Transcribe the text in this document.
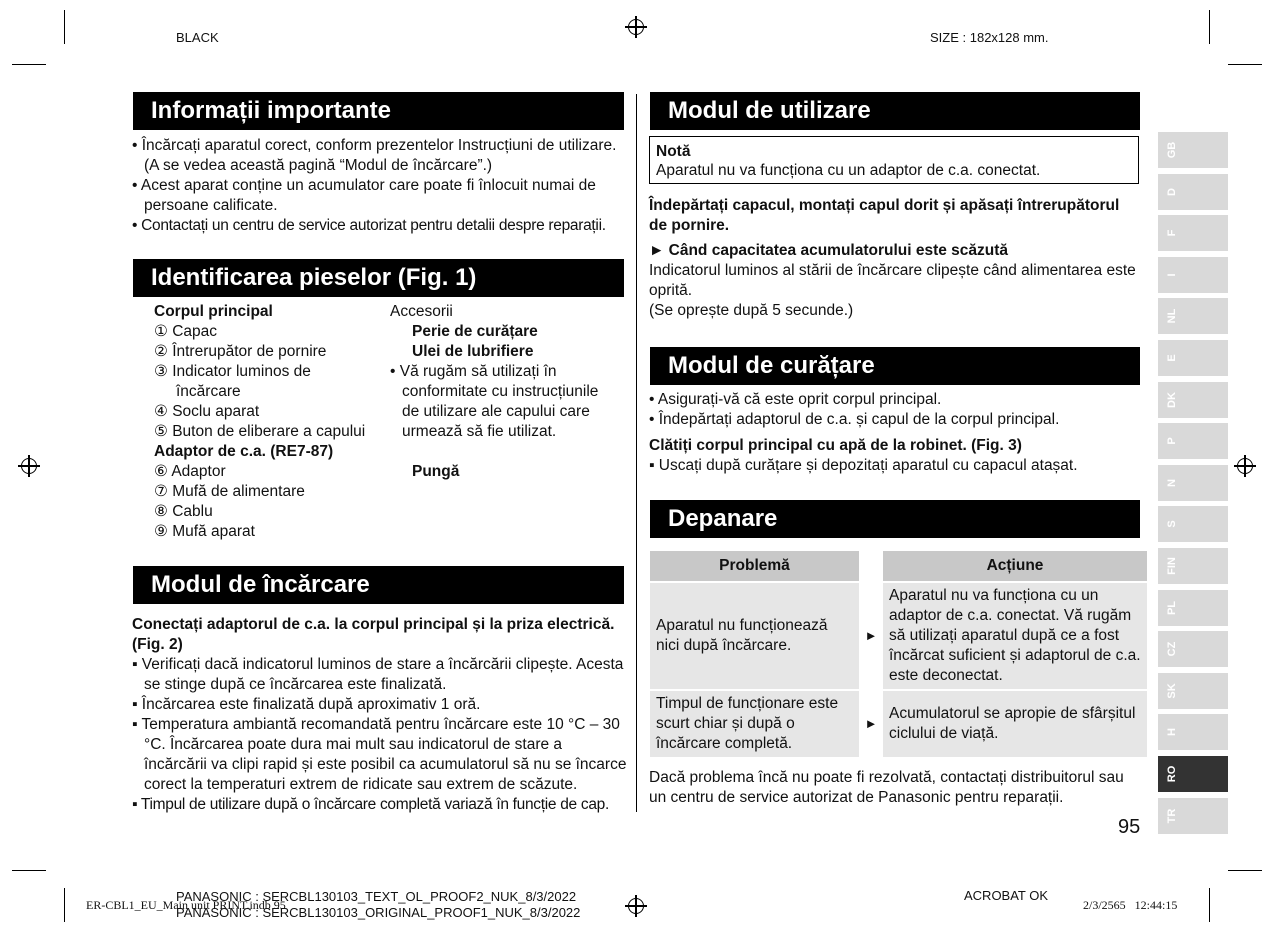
BLACK	SIZE : 182x128 mm.
Informații importante
• Încărcați aparatul corect, conform prezentelor Instrucțiuni de utilizare. (A se vedea această pagină “Modul de încărcare”.)
• Acest aparat conține un acumulator care poate fi înlocuit numai de persoane calificate.
• Contactați un centru de service autorizat pentru detalii despre reparații.
Identificarea pieselor (Fig. 1)
Corpul principal
① Capac
② Întrerupător de pornire
③ Indicator luminos de
încărcare
④ Soclu aparat
⑤ Buton de eliberare a capului
Adaptor de c.a. (RE7-87)
⑥ Adaptor
⑦ Mufă de alimentare
⑧ Cablu
⑨ Mufă aparat
Accesorii
Perie de curățare
Ulei de lubrifiere
• Vă rugăm să utilizați în conformitate cu instrucțiunile de utilizare ale capului care urmează să fie utilizat.
Pungă
Modul de încărcare
Conectați adaptorul de c.a. la corpul principal și la priza electrică. (Fig. 2)
▪ Verificați dacă indicatorul luminos de stare a încărcării clipește. Acesta se stinge după ce încărcarea este finalizată.
▪ Încărcarea este finalizată după aproximativ 1 oră.
▪ Temperatura ambiantă recomandată pentru încărcare este 10 °C – 30 °C. Încărcarea poate dura mai mult sau indicatorul de stare a încărcării va clipi rapid și este posibil ca acumulatorul să nu se încarce corect la temperaturi extrem de ridicate sau extrem de scăzute.
▪ Timpul de utilizare după o încărcare completă variază în funcție de cap.
Modul de utilizare
Notă
Aparatul nu va funcționa cu un adaptor de c.a. conectat.
Îndepărtați capacul, montați capul dorit și apăsați întrerupătorul de pornire.
► Când capacitatea acumulatorului este scăzută
Indicatorul luminos al stării de încărcare clipește când alimentarea este oprită.
(Se oprește după 5 secunde.)
Modul de curățare
• Asigurați-vă că este oprit corpul principal.
• Îndepărtați adaptorul de c.a. și capul de la corpul principal.
Clătiți corpul principal cu apă de la robinet. (Fig. 3)
▪ Uscați după curățare și depozitați aparatul cu capacul atașat.
Depanare
Problemă		Acțiune

Aparatul nu funcționează nici după încărcare.	►	Aparatul nu va funcționa cu un adaptor de c.a. conectat. Vă rugăm să utilizați aparatul după ce a fost încărcat suficient și adaptorul de c.a. este deconectat.

Timpul de funcționare este scurt chiar și după o încărcare completă.	►	Acumulatorul se apropie de sfârșitul ciclului de viață.
Dacă problema încă nu poate fi rezolvată, contactați distribuitorul sau un centru de service autorizat de Panasonic pentru reparații.
95
GB
D
F
I
NL
E
DK
P
N
S
FIN
PL
CZ
SK
H
RO
TR
ER-CBL1_EU_Main unit PRINT.indb 95
PANASONIC : SERCBL130103_TEXT_OL_PROOF2_NUK_8/3/2022
PANASONIC : SERCBL130103_ORIGINAL_PROOF1_NUK_8/3/2022
ACROBAT OK
2/3/2565   12:44:15
